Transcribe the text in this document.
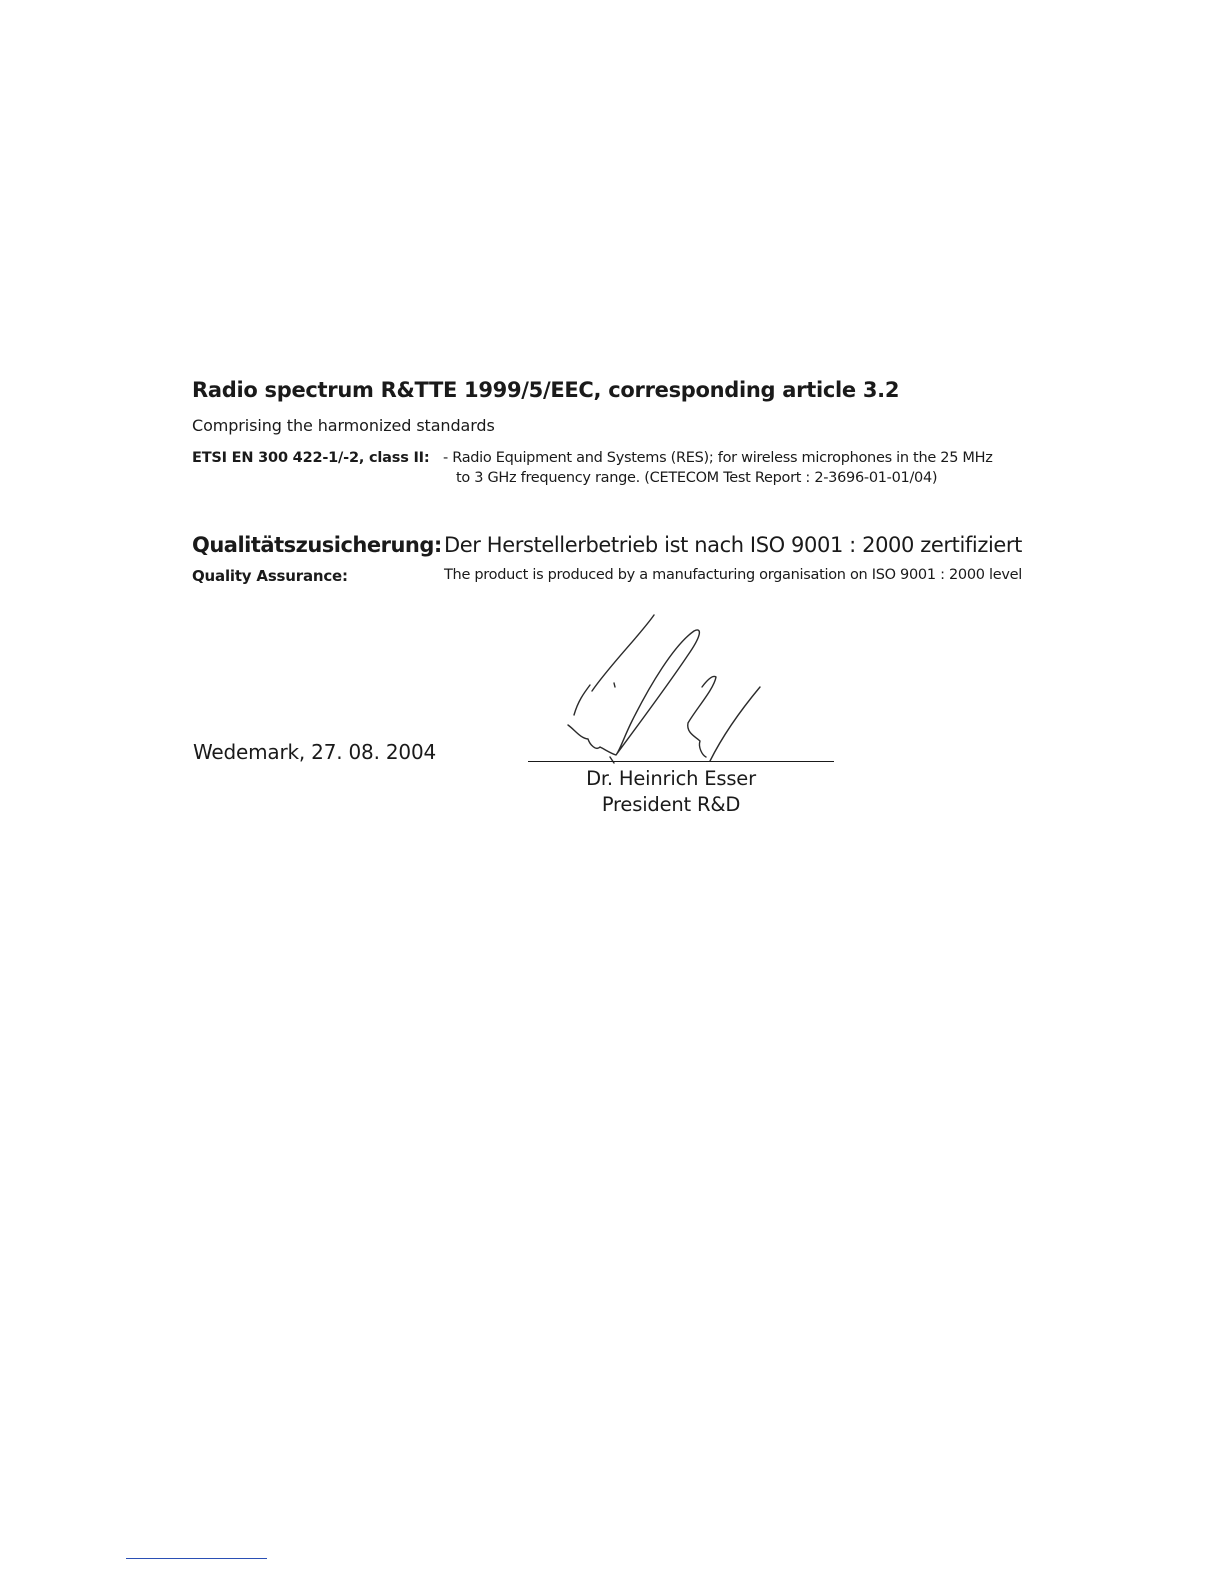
Radio spectrum R&TTE 1999/5/EEC, corresponding article 3.2
Comprising the harmonized standards
ETSI EN 300 422-1/-2, class II: - Radio Equipment and Systems (RES); for wireless microphones in the 25 MHz
to 3 GHz frequency range. (CETECOM Test Report : 2-3696-01-01/04)
Qualitätszusicherung: Der Herstellerbetrieb ist nach ISO 9001 : 2000 zertifiziert
Quality Assurance:	The product is produced by a manufacturing organisation on ISO 9001 : 2000 level
Wedemark, 27. 08. 2004
Dr. Heinrich Esser
President R&D
